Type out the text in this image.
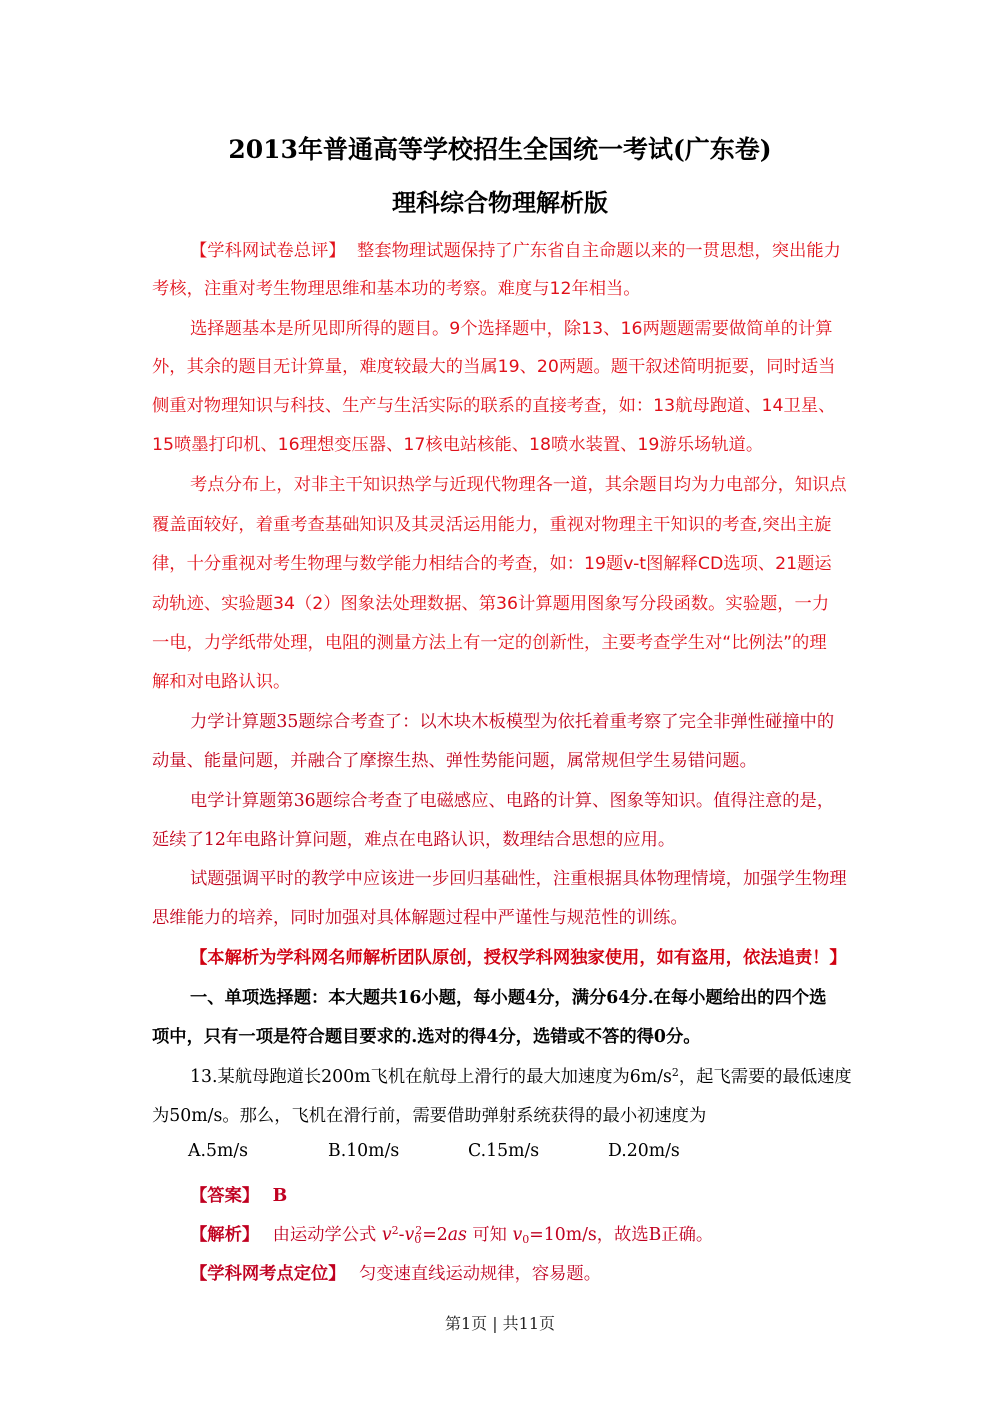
2013年普通高等学校招生全国统一考试(广东卷)
理科综合物理解析版
【学科网试卷总评】 整套物理试题保持了广东省自主命题以来的一贯思想，突出能力
考核，注重对考生物理思维和基本功的考察。难度与12年相当。
选择题基本是所见即所得的题目。9个选择题中，除13、16两题题需要做简单的计算
外，其余的题目无计算量，难度较最大的当属19、20两题。题干叙述简明扼要，同时适当
侧重对物理知识与科技、生产与生活实际的联系的直接考查，如：13航母跑道、14卫星、
15喷墨打印机、16理想变压器、17核电站核能、18喷水装置、19游乐场轨道。
考点分布上，对非主干知识热学与近现代物理各一道，其余题目均为力电部分，知识点
覆盖面较好，着重考查基础知识及其灵活运用能力，重视对物理主干知识的考查,突出主旋
律，十分重视对考生物理与数学能力相结合的考查，如：19题v-t图解释CD选项、21题运
动轨迹、实验题34（2）图象法处理数据、第36计算题用图象写分段函数。实验题，一力
一电，力学纸带处理，电阻的测量方法上有一定的创新性，主要考查学生对“比例法”的理
解和对电路认识。
力学计算题35题综合考查了：以木块木板模型为依托着重考察了完全非弹性碰撞中的
动量、能量问题，并融合了摩擦生热、弹性势能问题，属常规但学生易错问题。
电学计算题第36题综合考查了电磁感应、电路的计算、图象等知识。值得注意的是，
延续了12年电路计算问题，难点在电路认识，数理结合思想的应用。
试题强调平时的教学中应该进一步回归基础性，注重根据具体物理情境，加强学生物理
思维能力的培养，同时加强对具体解题过程中严谨性与规范性的训练。
【本解析为学科网名师解析团队原创，授权学科网独家使用，如有盗用，依法追责！】
一、单项选择题：本大题共16小题，每小题4分，满分64分.在每小题给出的四个选
项中，只有一项是符合题目要求的.选对的得4分，选错或不答的得0分。
13.某航母跑道长200m飞机在航母上滑行的最大加速度为$6m/s^2$，起飞需要的最低速度
为50m/s。那么，飞机在滑行前，需要借助弹射系统获得的最小初速度为
A.5m/s	B.10m/s	C.15m/s	D.20m/s
【答案】 B
【解析】 由运动学公式 $v^2-v_0^2=2as$ 可知 $v_0=10m/s$，故选B正确。
【学科网考点定位】 匀变速直线运动规律，容易题。
第1页 | 共11页
